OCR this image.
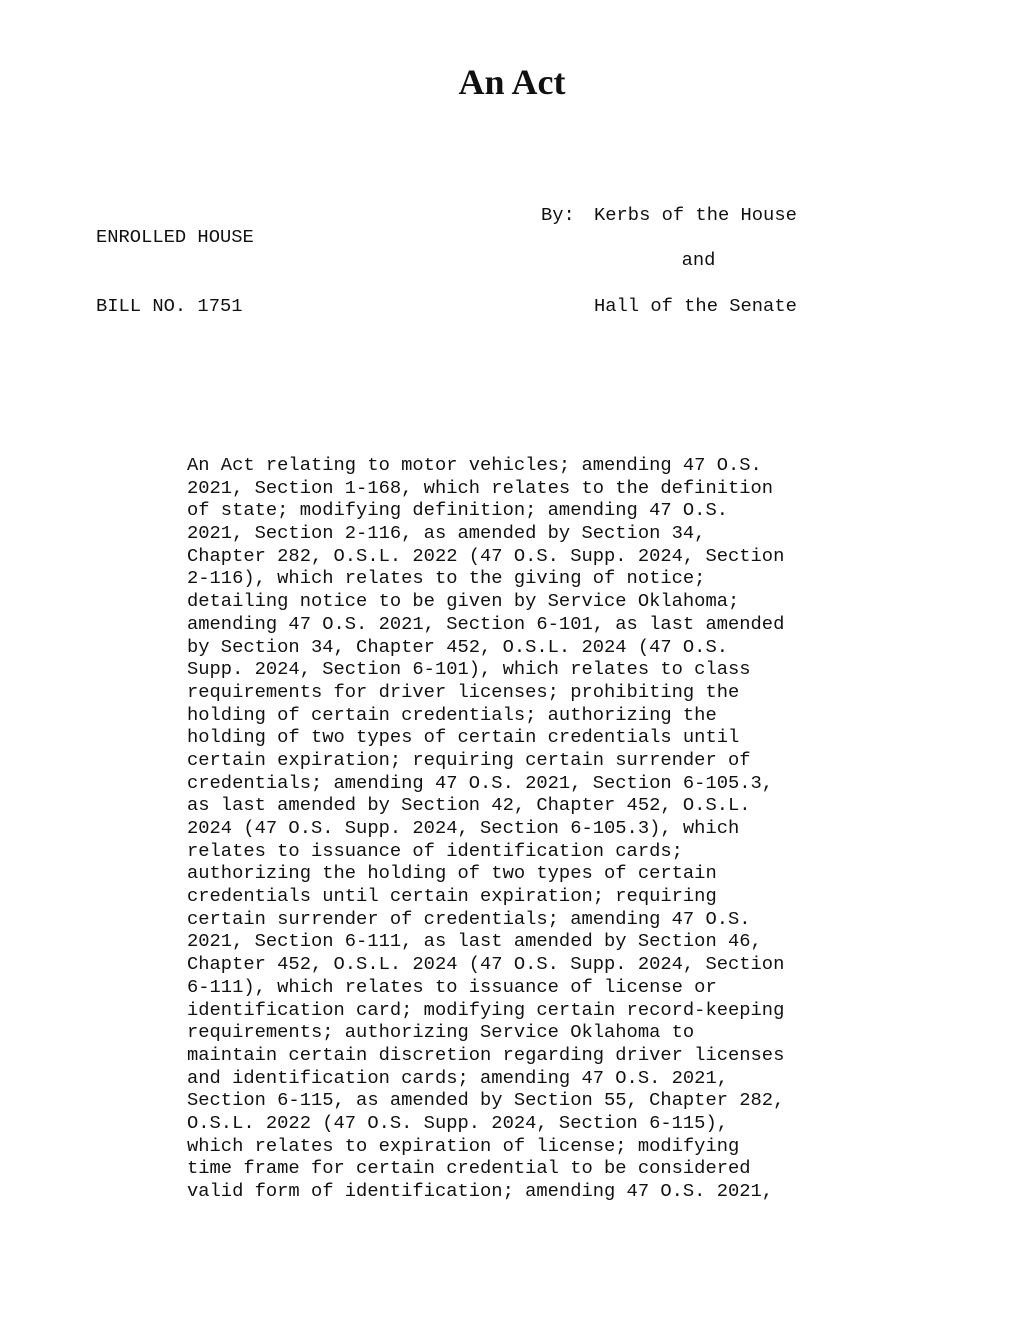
An Act

ENROLLED HOUSE

BILL NO. 1751

By: Kerbs of the House
and
Hall of the Senate
An Act relating to motor vehicles; amending 47 O.S.
2021, Section 1-168, which relates to the definition
of state; modifying definition; amending 47 O.S.
2021, Section 2-116, as amended by Section 34,
Chapter 282, O.S.L. 2022 (47 O.S. Supp. 2024, Section
2-116), which relates to the giving of notice;
detailing notice to be given by Service Oklahoma;
amending 47 O.S. 2021, Section 6-101, as last amended
by Section 34, Chapter 452, O.S.L. 2024 (47 O.S.
Supp. 2024, Section 6-101), which relates to class
requirements for driver licenses; prohibiting the
holding of certain credentials; authorizing the
holding of two types of certain credentials until
certain expiration; requiring certain surrender of
credentials; amending 47 O.S. 2021, Section 6-105.3,
as last amended by Section 42, Chapter 452, O.S.L.
2024 (47 O.S. Supp. 2024, Section 6-105.3), which
relates to issuance of identification cards;
authorizing the holding of two types of certain
credentials until certain expiration; requiring
certain surrender of credentials; amending 47 O.S.
2021, Section 6-111, as last amended by Section 46,
Chapter 452, O.S.L. 2024 (47 O.S. Supp. 2024, Section
6-111), which relates to issuance of license or
identification card; modifying certain record-keeping
requirements; authorizing Service Oklahoma to
maintain certain discretion regarding driver licenses
and identification cards; amending 47 O.S. 2021,
Section 6-115, as amended by Section 55, Chapter 282,
O.S.L. 2022 (47 O.S. Supp. 2024, Section 6-115),
which relates to expiration of license; modifying
time frame for certain credential to be considered
valid form of identification; amending 47 O.S. 2021,
